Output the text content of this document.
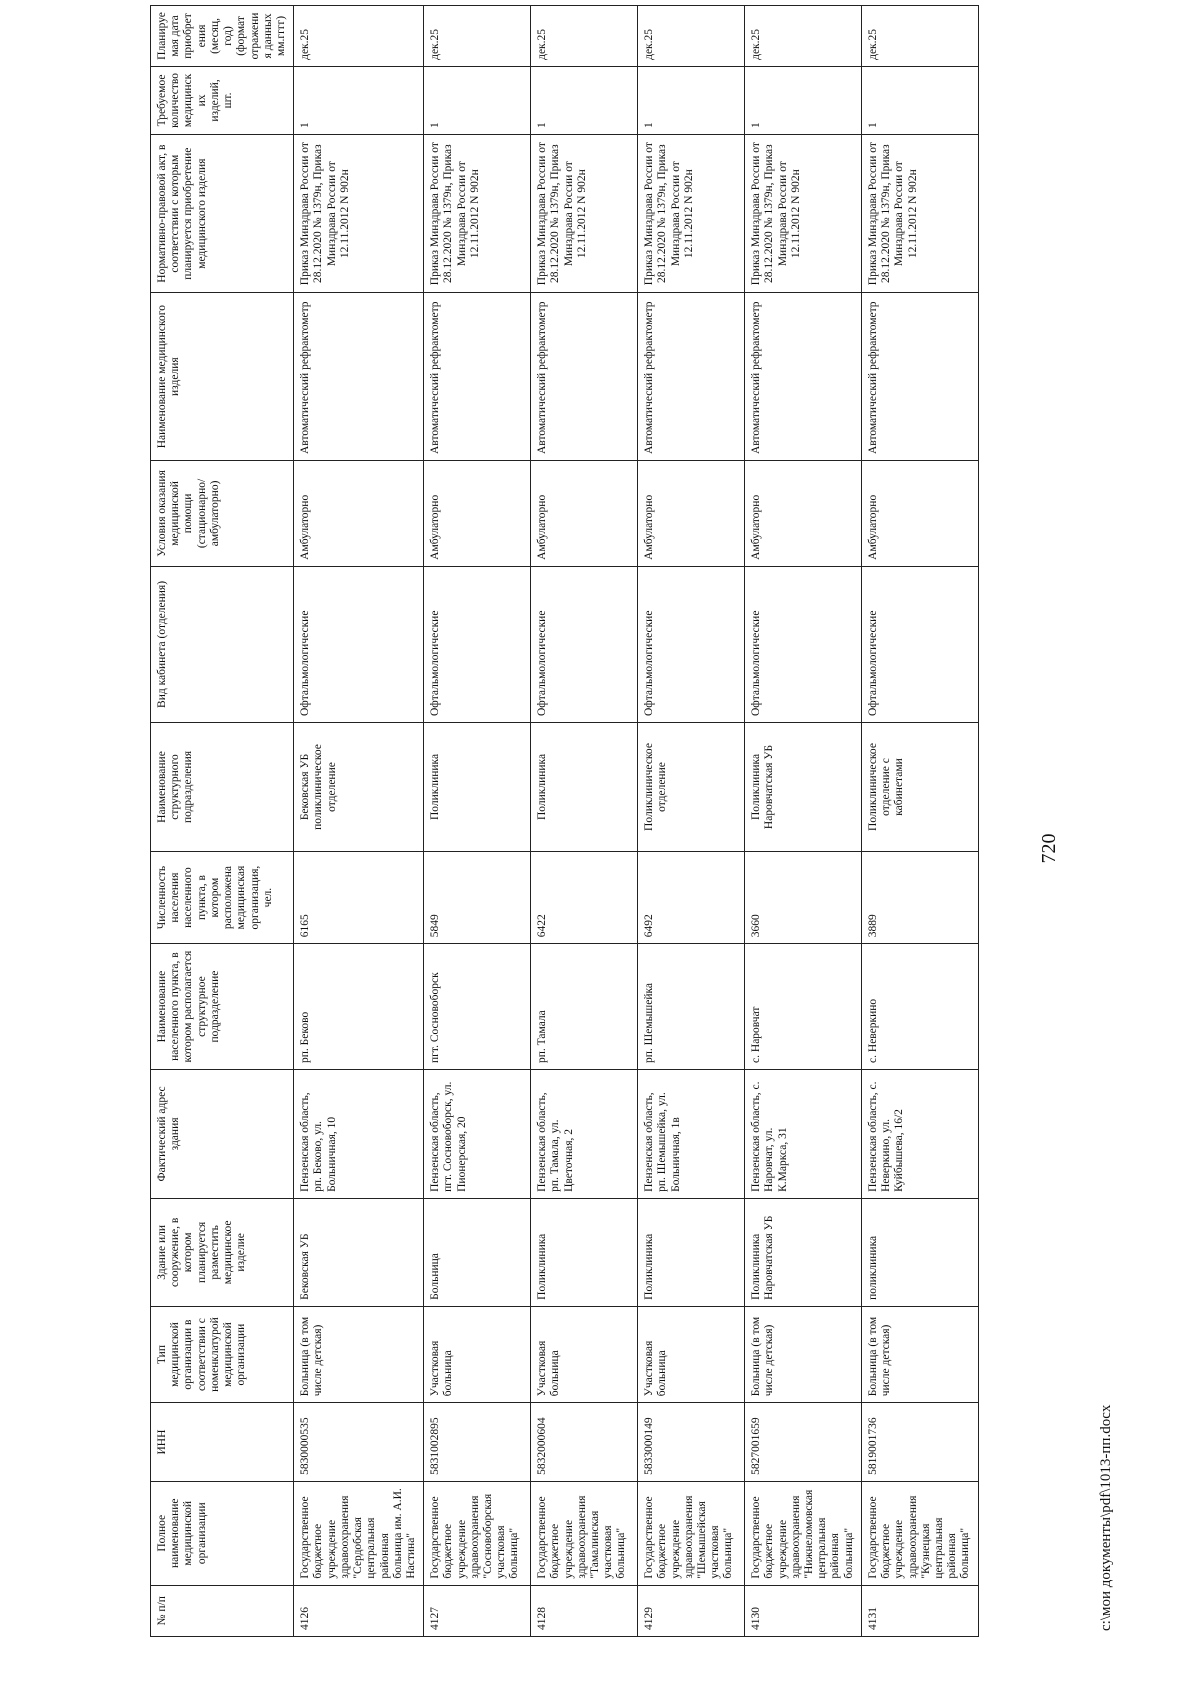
№ п/п	Полное наименование медицинской организации	ИНН	Тип медицинской организации в соответствии с номенклатурой медицинской организации	Здание или сооружение, в котором планируется разместить медицинское изделие	Фактический адрес здания	Наименование населенного пункта, в котором располагается структурное подразделение	Численность населения населенного пункта, в котором расположена медицинская организация, чел.	Наименование структурного подразделения	Вид кабинета (отделения)	Условия оказания медицинской помощи (стационарно/амбулаторно)	Наименование медицинского изделия	Нормативно-правовой акт, в соответствии с которым планируется приобретение медицинского изделия	Требуемое количество медицинских изделий, шт.	Планируемая дата приобретения (месяц, год) (формат отражения данных мм.гггг)
4126	Государственное бюджетное учреждение здравоохранения "Сердобская центральная районная больница им. А.И. Настина"	5830000535	Больница (в том числе детская)	Бековская УБ	Пензенская область, рп. Беково, ул. Больничная, 10	рп. Беково	6165	Бековская УБ поликлиническое отделение	Офтальмологические	Амбулаторно	Автоматический рефрактометр	Приказ Минздрава России от 28.12.2020 № 1379н, Приказ Минздрава России от 12.11.2012 N 902н	1	дек.25
4127	Государственное бюджетное учреждение здравоохранения "Сосновоборская участковая больница"	5831002895	Участковая больница	Больница	Пензенская область, пгт. Сосновоборск, ул. Пионерская, 20	пгт. Сосновоборск	5849	Поликлиника	Офтальмологические	Амбулаторно	Автоматический рефрактометр	Приказ Минздрава России от 28.12.2020 № 1379н, Приказ Минздрава России от 12.11.2012 N 902н	1	дек.25
4128	Государственное бюджетное учреждение здравоохранения "Тамалинская участковая больница"	5832000604	Участковая больница	Поликлиника	Пензенская область, рп. Тамала, ул. Цветочная, 2	рп. Тамала	6422	Поликлиника	Офтальмологические	Амбулаторно	Автоматический рефрактометр	Приказ Минздрава России от 28.12.2020 № 1379н, Приказ Минздрава России от 12.11.2012 N 902н	1	дек.25
4129	Государственное бюджетное учреждение здравоохранения "Шемышейская участковая больница"	5833000149	Участковая больница	Поликлиника	Пензенская область, рп. Шемышейка, ул. Больничная, 1в	рп. Шемышейка	6492	Поликлиническое отделение	Офтальмологические	Амбулаторно	Автоматический рефрактометр	Приказ Минздрава России от 28.12.2020 № 1379н, Приказ Минздрава России от 12.11.2012 N 902н	1	дек.25
4130	Государственное бюджетное учреждение здравоохранения "Нижнеломовская центральная районная больница"	5827001659	Больница (в том числе детская)	Поликлиника Наровчатская УБ	Пензенская область, с. Наровчат, ул. К.Маркса, 31	с. Наровчат	3660	Поликлиника Наровчатская УБ	Офтальмологические	Амбулаторно	Автоматический рефрактометр	Приказ Минздрава России от 28.12.2020 № 1379н, Приказ Минздрава России от 12.11.2012 N 902н	1	дек.25
4131	Государственное бюджетное учреждение здравоохранения "Кузнецкая центральная районная больница"	5819001736	Больница (в том числе детская)	поликлиника	Пензенская область, с. Неверкино, ул. Куйбышева, 16/2	с. Неверкино	3889	Поликлиническое отделение с кабинетами	Офтальмологические	Амбулаторно	Автоматический рефрактометр	Приказ Минздрава России от 28.12.2020 № 1379н, Приказ Минздрава России от 12.11.2012 N 902н	1	дек.25
720
c:\мои документы\pdf\1013-пп.docx
